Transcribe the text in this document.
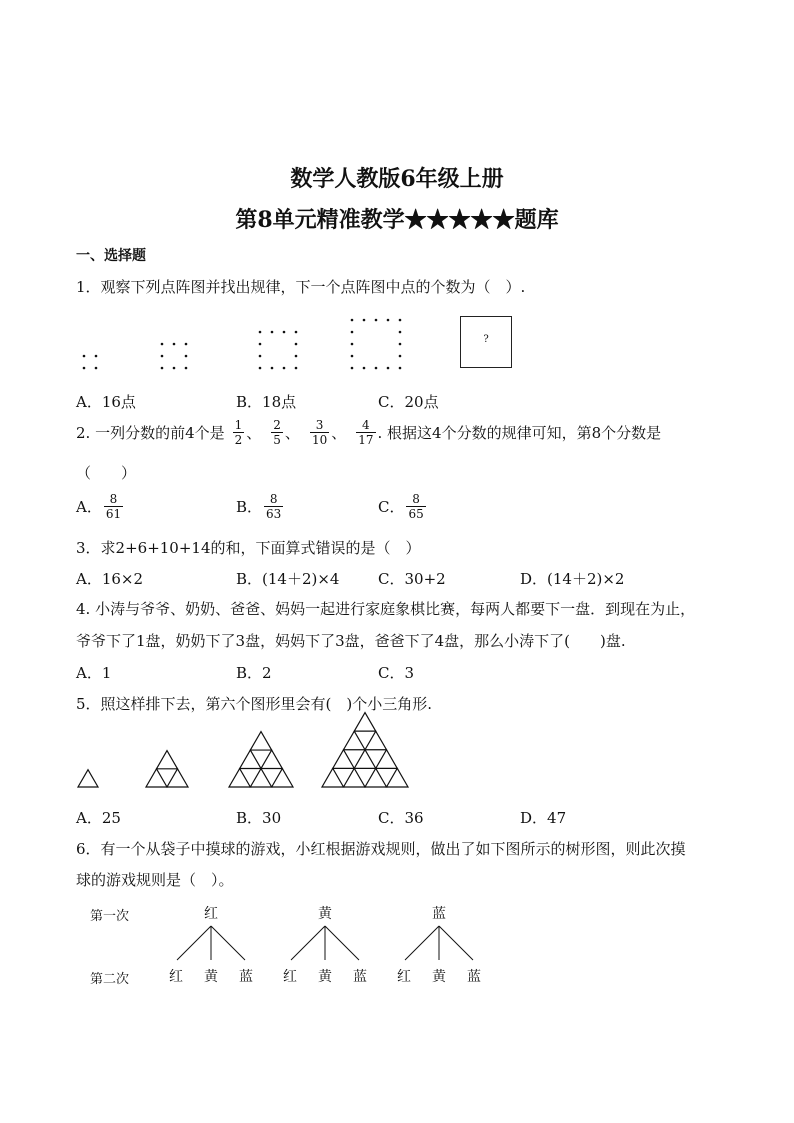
数学人教版6年级上册
第8单元精准教学★★★★★题库
一、选择题
1．观察下列点阵图并找出规律，下一个点阵图中点的个数为（　）.
?
A．16点	B．18点	C．20点
2. 一列分数的前4个是 $\frac{1}{2}$ 、 $\frac{2}{5}$ 、 $\frac{3}{10}$ 、 $\frac{4}{17}$ . 根据这4个分数的规律可知，第8个分数是
（　　）
A． $\frac{8}{61}$	B． $\frac{8}{63}$	C． $\frac{8}{65}$
3．求2+6+10+14的和，下面算式错误的是（　）
A．16×2	B．(14＋2)×4	C．30+2	D．(14＋2)×2
4. 小涛与爷爷、奶奶、爸爸、妈妈一起进行家庭象棋比赛，每两人都要下一盘．到现在为止，
爷爷下了1盘，奶奶下了3盘，妈妈下了3盘，爸爸下了4盘，那么小涛下了(　　)盘.
A．1	B．2	C．3
5．照这样排下去，第六个图形里会有(　)个小三角形.
A．25	B．30	C．36	D．47
6．有一个从袋子中摸球的游戏，小红根据游戏规则，做出了如下图所示的树形图，则此次摸
球的游戏规则是（　）。
第一次
第二次
红
红 黄 蓝
黄
红 黄 蓝
蓝
红 黄 蓝
